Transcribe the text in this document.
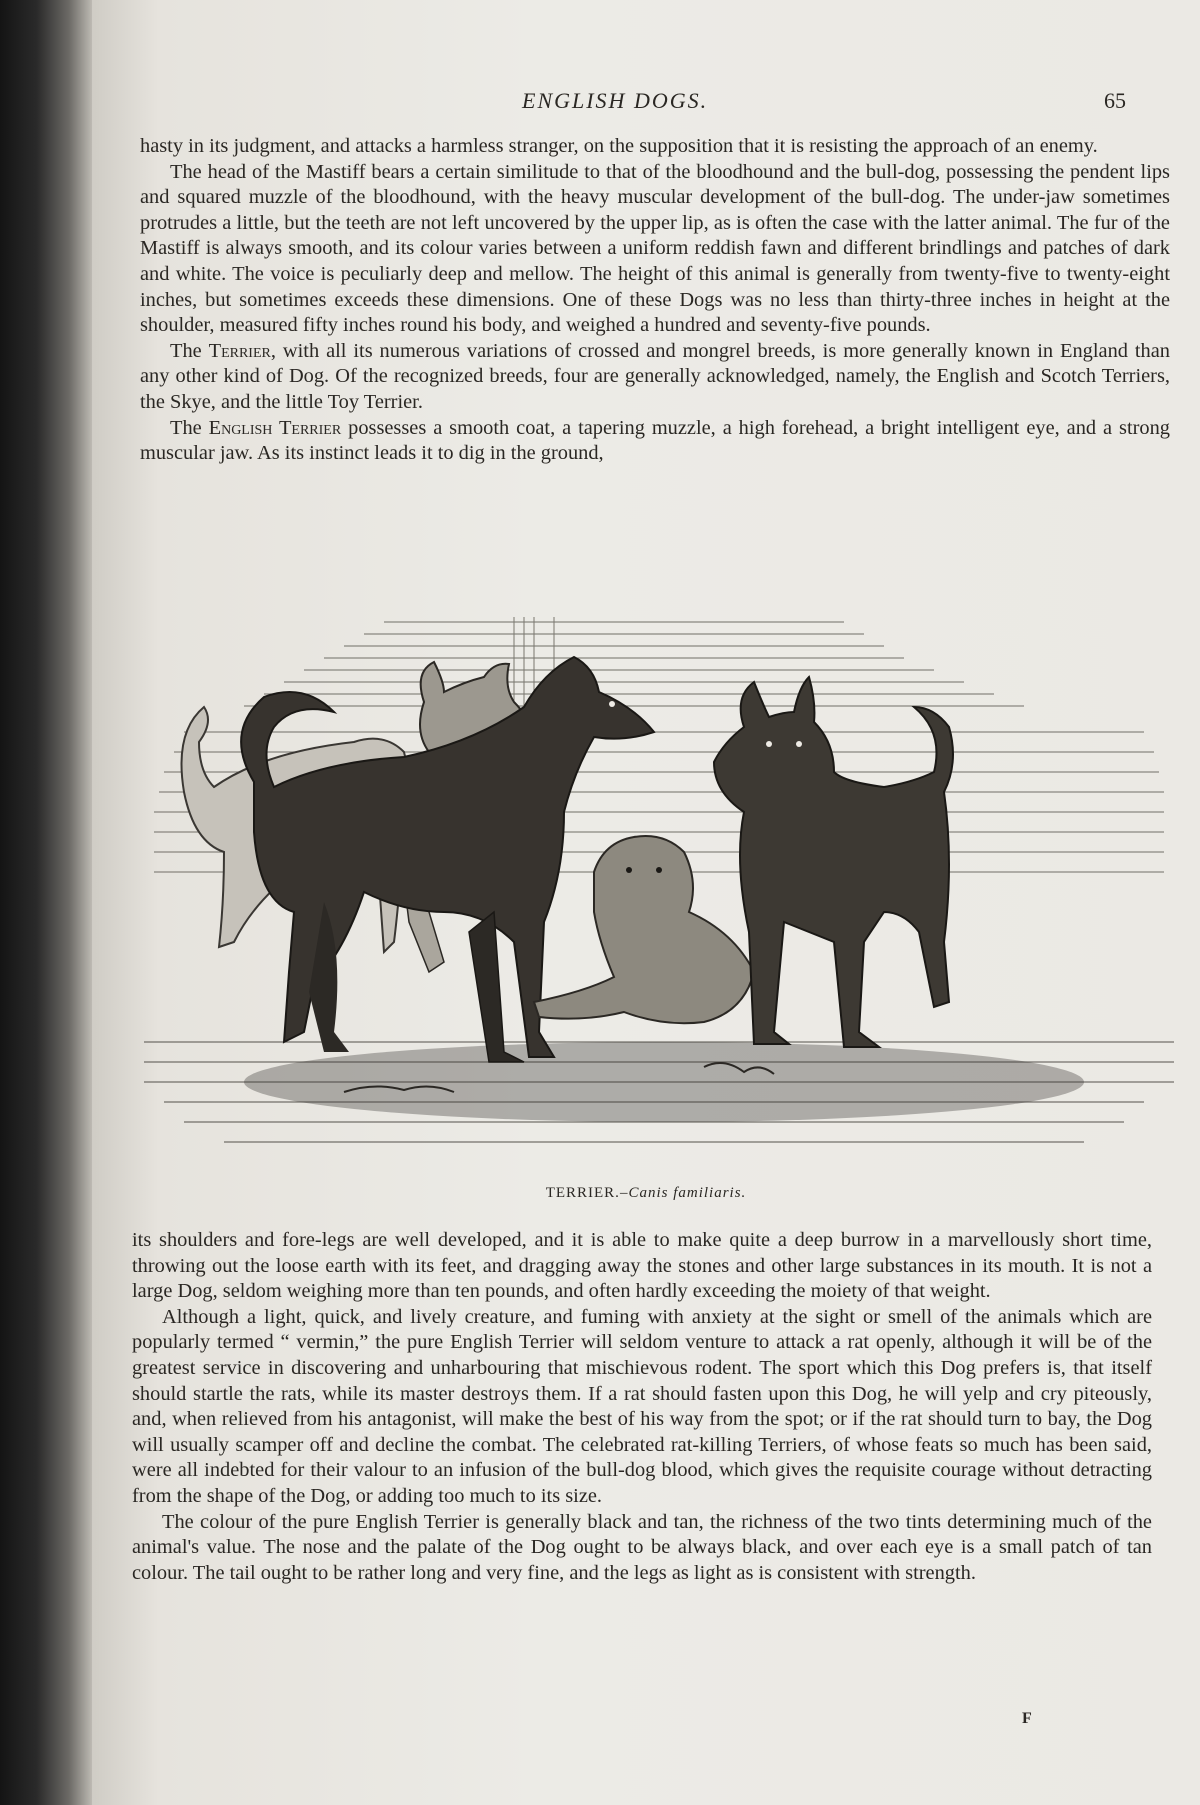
ENGLISH DOGS.	65

hasty in its judgment, and attacks a harmless stranger, on the supposition that it is resisting the approach of an enemy.

The head of the Mastiff bears a certain similitude to that of the bloodhound and the bull-dog, possessing the pendent lips and squared muzzle of the bloodhound, with the heavy muscular development of the bull-dog. The under-jaw sometimes protrudes a little, but the teeth are not left uncovered by the upper lip, as is often the case with the latter animal. The fur of the Mastiff is always smooth, and its colour varies between a uniform reddish fawn and different brindlings and patches of dark and white. The voice is peculiarly deep and mellow. The height of this animal is generally from twenty-five to twenty-eight inches, but sometimes exceeds these dimensions. One of these Dogs was no less than thirty-three inches in height at the shoulder, measured fifty inches round his body, and weighed a hundred and seventy-five pounds.

The Terrier, with all its numerous variations of crossed and mongrel breeds, is more generally known in England than any other kind of Dog. Of the recognized breeds, four are generally acknowledged, namely, the English and Scotch Terriers, the Skye, and the little Toy Terrier.

The English Terrier possesses a smooth coat, a tapering muzzle, a high forehead, a bright intelligent eye, and a strong muscular jaw. As its instinct leads it to dig in the ground,

TERRIER.–Canis familiaris.

its shoulders and fore-legs are well developed, and it is able to make quite a deep burrow in a marvellously short time, throwing out the loose earth with its feet, and dragging away the stones and other large substances in its mouth. It is not a large Dog, seldom weighing more than ten pounds, and often hardly exceeding the moiety of that weight.

Although a light, quick, and lively creature, and fuming with anxiety at the sight or smell of the animals which are popularly termed “ vermin,” the pure English Terrier will seldom venture to attack a rat openly, although it will be of the greatest service in discovering and unharbouring that mischievous rodent. The sport which this Dog prefers is, that itself should startle the rats, while its master destroys them. If a rat should fasten upon this Dog, he will yelp and cry piteously, and, when relieved from his antagonist, will make the best of his way from the spot; or if the rat should turn to bay, the Dog will usually scamper off and decline the combat. The celebrated rat-killing Terriers, of whose feats so much has been said, were all indebted for their valour to an infusion of the bull-dog blood, which gives the requisite courage without detracting from the shape of the Dog, or adding too much to its size.

The colour of the pure English Terrier is generally black and tan, the richness of the two tints determining much of the animal's value. The nose and the palate of the Dog ought to be always black, and over each eye is a small patch of tan colour. The tail ought to be rather long and very fine, and the legs as light as is consistent with strength.

F
